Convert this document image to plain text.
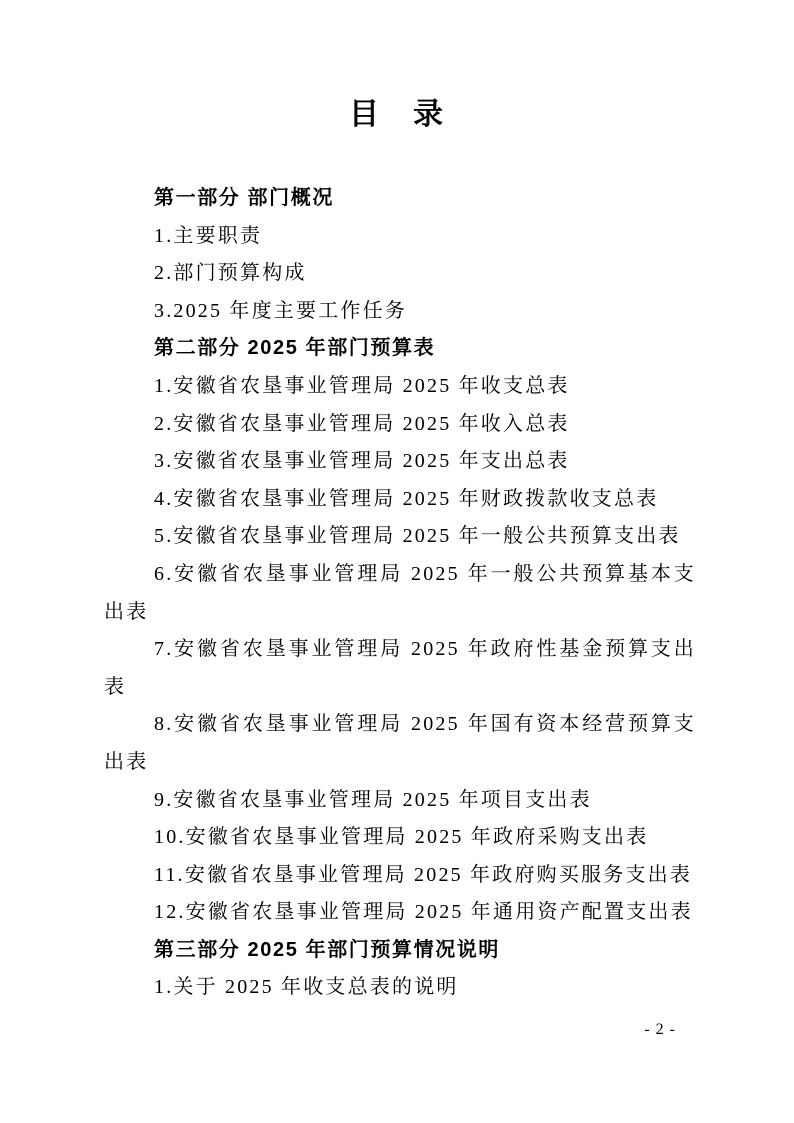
目　录

第一部分 部门概况

1.主要职责

2.部门预算构成

3.2025 年度主要工作任务

第二部分 2025 年部门预算表

1.安徽省农垦事业管理局 2025 年收支总表

2.安徽省农垦事业管理局 2025 年收入总表

3.安徽省农垦事业管理局 2025 年支出总表

4.安徽省农垦事业管理局 2025 年财政拨款收支总表

5.安徽省农垦事业管理局 2025 年一般公共预算支出表

6.安徽省农垦事业管理局 2025 年一般公共预算基本支出表

7.安徽省农垦事业管理局 2025 年政府性基金预算支出表

8.安徽省农垦事业管理局 2025 年国有资本经营预算支出表

9.安徽省农垦事业管理局 2025 年项目支出表

10.安徽省农垦事业管理局 2025 年政府采购支出表

11.安徽省农垦事业管理局 2025 年政府购买服务支出表

12.安徽省农垦事业管理局 2025 年通用资产配置支出表

第三部分 2025 年部门预算情况说明

1.关于 2025 年收支总表的说明

- 2 -
